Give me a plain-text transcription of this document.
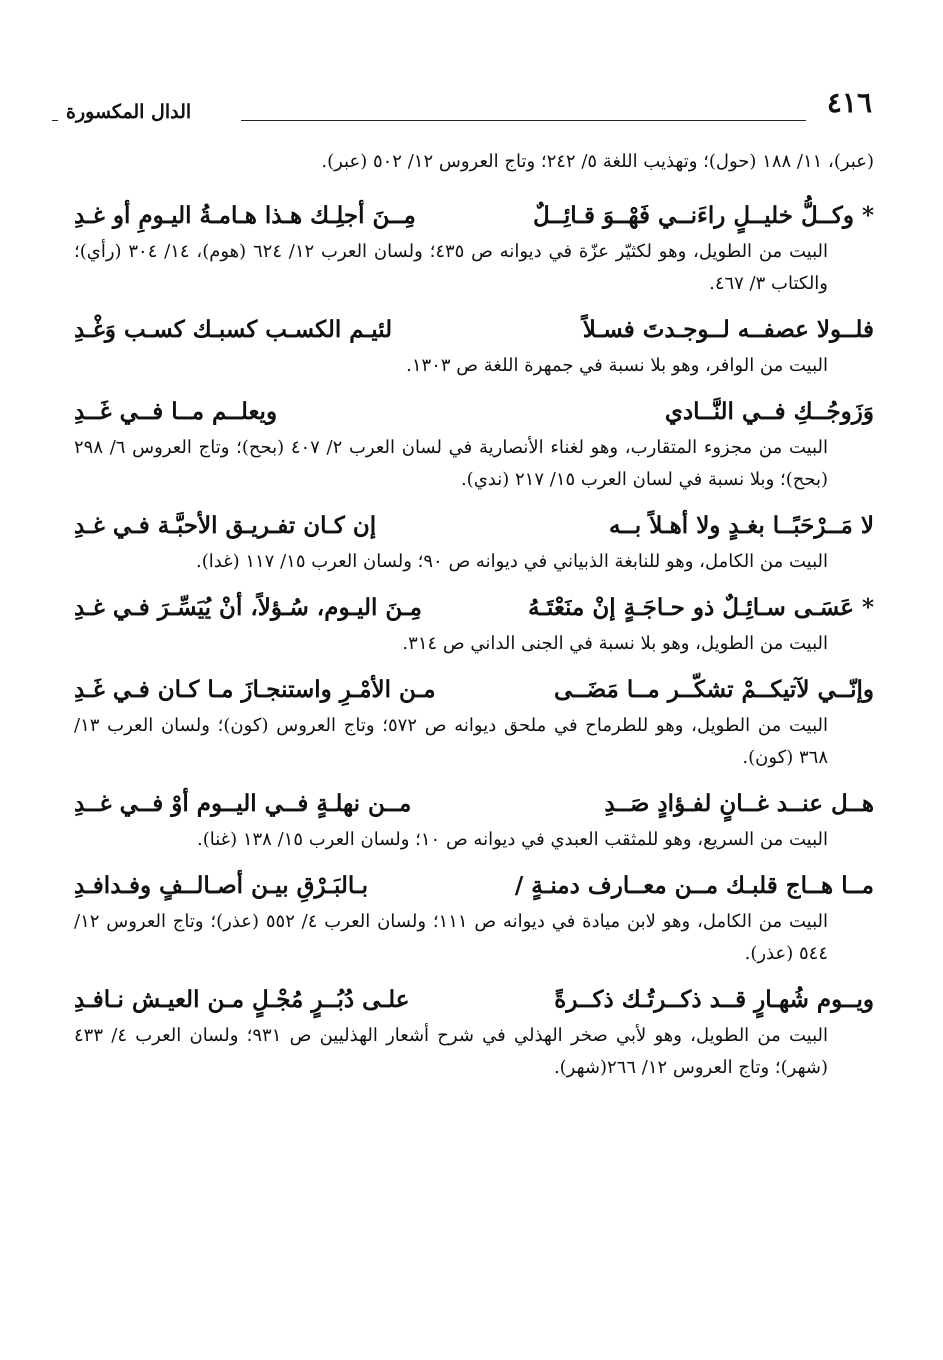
٤١٦
الدال المكسورة
(عبر)، ١١/ ١٨٨ (حول)؛ وتهذيب اللغة ٥/ ٢٤٢؛ وتاج العروس ١٢/ ٥٠٢ (عبر).
* وكــلُّ خليــلٍ راءَنــي فَهْــوَ قـائِــلٌ
مِــنَ أجلِـك هـذا هـامـةُ اليـومِ أو غـدِ
البيت من الطويل، وهو لكثيّر عزّة في ديوانه ص ٤٣٥؛ ولسان العرب ١٢/ ٦٢٤ (هوم)، ١٤/ ٣٠٤ (رأي)؛ والكتاب ٣/ ٤٦٧.
فلــولا عصفــه لــوجـدتَ فسـلاً
لئيـم الكسـب كسبـك كسـب وَغْـدِ
البيت من الوافر، وهو بلا نسبة في جمهرة اللغة ص ١٣٠٣.
وَزَوجُــكِ فــي النَّــادي
ويعلــم مــا فــي غَــدِ
البيت من مجزوء المتقارب، وهو لغناء الأنصارية في لسان العرب ٢/ ٤٠٧ (بحح)؛ وتاج العروس ٦/ ٢٩٨ (بحح)؛ وبلا نسبة في لسان العرب ١٥/ ٢١٧ (ندي).
لا مَــرْحَبًــا بغـدٍ ولا أهـلاً بــه
إن كـان تفـريـق الأحبَّـة فـي غـدِ
البيت من الكامل، وهو للنابغة الذبياني في ديوانه ص ٩٠؛ ولسان العرب ١٥/ ١١٧ (غدا).
* عَسَـى سـائِـلٌ ذو حـاجَـةٍ إنْ منَعْتَـهُ
مِـنَ اليـوم، سُـؤلاً، أنْ يُيَسِّـرَ فـي غـدِ
البيت من الطويل، وهو بلا نسبة في الجنى الداني ص ٣١٤.
وإنّــي لآتيكــمْ تشكّــر مــا مَضَــى
مـن الأمْـرِ واستنجـازَ مـا كـان فـي غَـدِ
البيت من الطويل، وهو للطرماح في ملحق ديوانه ص ٥٧٢؛ وتاج العروس (كون)؛ ولسان العرب ١٣/ ٣٦٨ (كون).
هــل عنــد غــانٍ لفـؤادٍ صَــدِ
مــن نهلـةٍ فــي اليــوم أوْ فــي غــدِ
البيت من السريع، وهو للمثقب العبدي في ديوانه ص ١٠؛ ولسان العرب ١٥/ ١٣٨ (غنا).
مــا هــاج قلبـك مــن معــارف دمنـةٍ /
بـالبَـرْقِ بيـن أصـالــفٍ وفـدافـدِ
البيت من الكامل، وهو لابن ميادة في ديوانه ص ١١١؛ ولسان العرب ٤/ ٥٥٢ (عذر)؛ وتاج العروس ١٢/ ٥٤٤ (عذر).
ويــوم شُهـارٍ قــد ذكــرتُـك ذكــرةً
علـى دُبُــرٍ مُجْـلٍ مـن العيـش نـافـدِ
البيت من الطويل، وهو لأبي صخر الهذلي في شرح أشعار الهذليين ص ٩٣١؛ ولسان العرب ٤/ ٤٣٣ (شهر)؛ وتاج العروس ١٢/ ٢٦٦(شهر).
